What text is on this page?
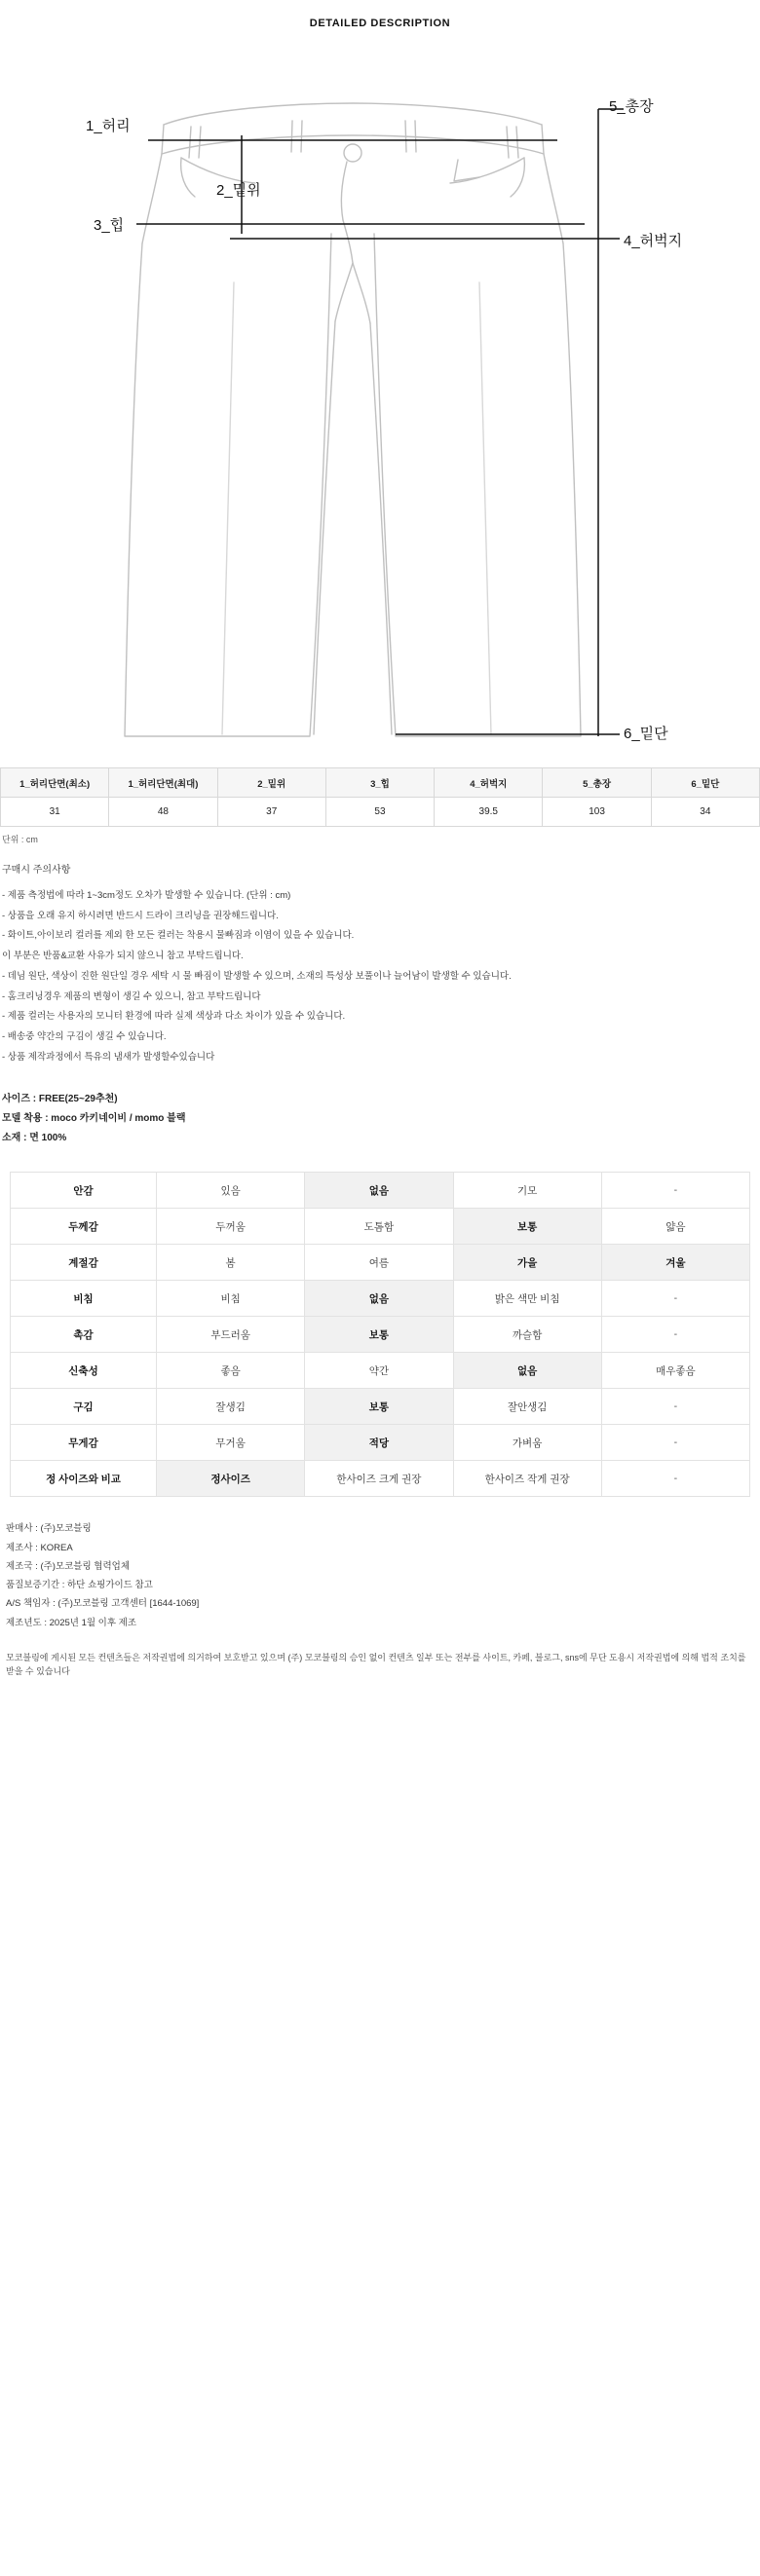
DETAILED DESCRIPTION
1_허리
2_밑위
3_힙
4_허벅지
5_총장
6_밑단
1_허리단면(최소)	1_허리단면(최대)	2_밑위	3_힙	4_허벅지	5_총장	6_밑단
31	48	37	53	39.5	103	34
단위 : cm
구매시 주의사항

- 제품 측정법에 따라 1~3cm정도 오차가 발생할 수 있습니다. (단위 : cm)

- 상품을 오래 유지 하시려면 반드시 드라이 크리닝을 권장해드립니다.

- 화이트,아이보리 컬러를 제외 한 모든 컬러는 착용시 물빠짐과 이염이 있을 수 있습니다.

이 부분은 반품&교환 사유가 되지 않으니 참고 부탁드립니다.

- 데님 원단, 색상이 진한 원단일 경우 세탁 시 물 빠짐이 발생할 수 있으며, 소재의 특성상 보풀이나 늘어남이 발생할 수 있습니다.

- 홈크리닝경우 제품의 변형이 생길 수 있으니, 참고 부탁드립니다

- 제품 컬러는 사용자의 모니터 환경에 따라 실제 색상과 다소 차이가 있을 수 있습니다.

- 배송중 약간의 구김이 생길 수 있습니다.

- 상품 제작과정에서 특유의 냄새가 발생할수있습니다

사이즈 : FREE(25~29추천)

모델 착용 : moco 카키네이비 / momo 블랙

소재 : 면 100%

안감	있음	없음	기모	-
두께감	두꺼움	도톰함	보통	얇음
계절감	봄	여름	가을	겨울
비침	비침	없음	밝은 색만 비침	-
촉감	부드러움	보통	까슬함	-
신축성	좋음	약간	없음	매우좋음
구김	잘생김	보통	잘안생김	-
무게감	무거움	적당	가벼움	-
정 사이즈와 비교	정사이즈	한사이즈 크게 권장	한사이즈 작게 권장	-

판매사 : (주)모코블링

제조사 : KOREA

제조국 : (주)모코블링 협력업체

품질보증기간 : 하단 쇼핑가이드 참고

A/S 책임자 : (주)모코블링 고객센터 [1644-1069]

제조년도 : 2025년 1월 이후 제조

모코블링에 게시된 모든 컨텐츠들은 저작권법에 의거하여 보호받고 있으며 (주) 모코블링의 승인 없이 컨텐츠 일부 또는 전부를 사이트, 카페, 블로그, sns에 무단 도용시 저작권법에 의해 법적 조치를 받을 수 있습니다
